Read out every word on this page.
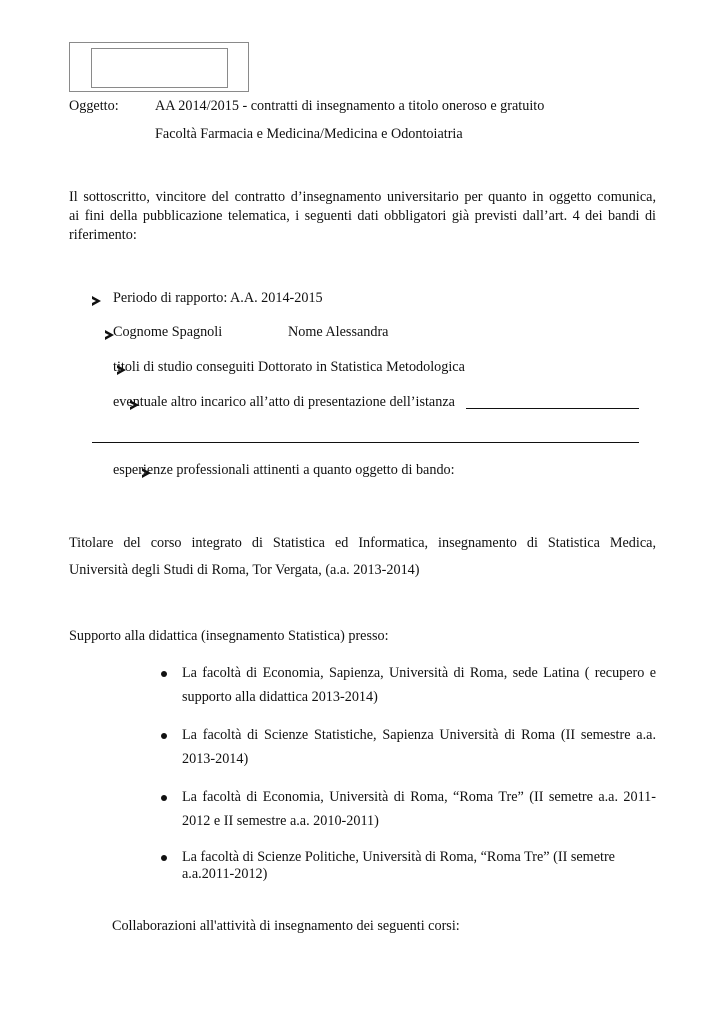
Oggetto:	AA 2014/2015 - contratti di insegnamento a titolo oneroso e gratuito
Facoltà Farmacia e Medicina/Medicina e Odontoiatria
Il sottoscritto, vincitore del contratto d’insegnamento universitario per quanto in oggetto comunica,
ai fini della pubblicazione telematica, i seguenti dati obbligatori già previsti dall’art. 4 dei bandi di
riferimento:

Periodo di rapporto: A.A. 2014-2015

Cognome Spagnoli	Nome Alessandra

titoli di studio conseguiti Dottorato in Statistica Metodologica

eventuale altro incarico all’atto di presentazione dell’istanza
esperienze professionali attinenti a quanto oggetto di bando:
Titolare del corso integrato di Statistica ed Informatica, insegnamento di Statistica Medica,
Università degli Studi di Roma, Tor Vergata, (a.a. 2013-2014)
Supporto alla didattica (insegnamento Statistica) presso:
La facoltà di Economia, Sapienza, Università di Roma, sede Latina ( recupero e
supporto alla didattica 2013-2014)
La facoltà di Scienze Statistiche, Sapienza Università di Roma (II semestre a.a.
2013-2014)
La facoltà di Economia, Università di Roma, “Roma Tre” (II semetre a.a. 2011-
2012 e II semestre a.a. 2010-2011)
La facoltà di Scienze Politiche, Università di Roma, “Roma Tre” (II semetre
a.a.2011-2012)
Collaborazioni all'attività di insegnamento dei seguenti corsi:
